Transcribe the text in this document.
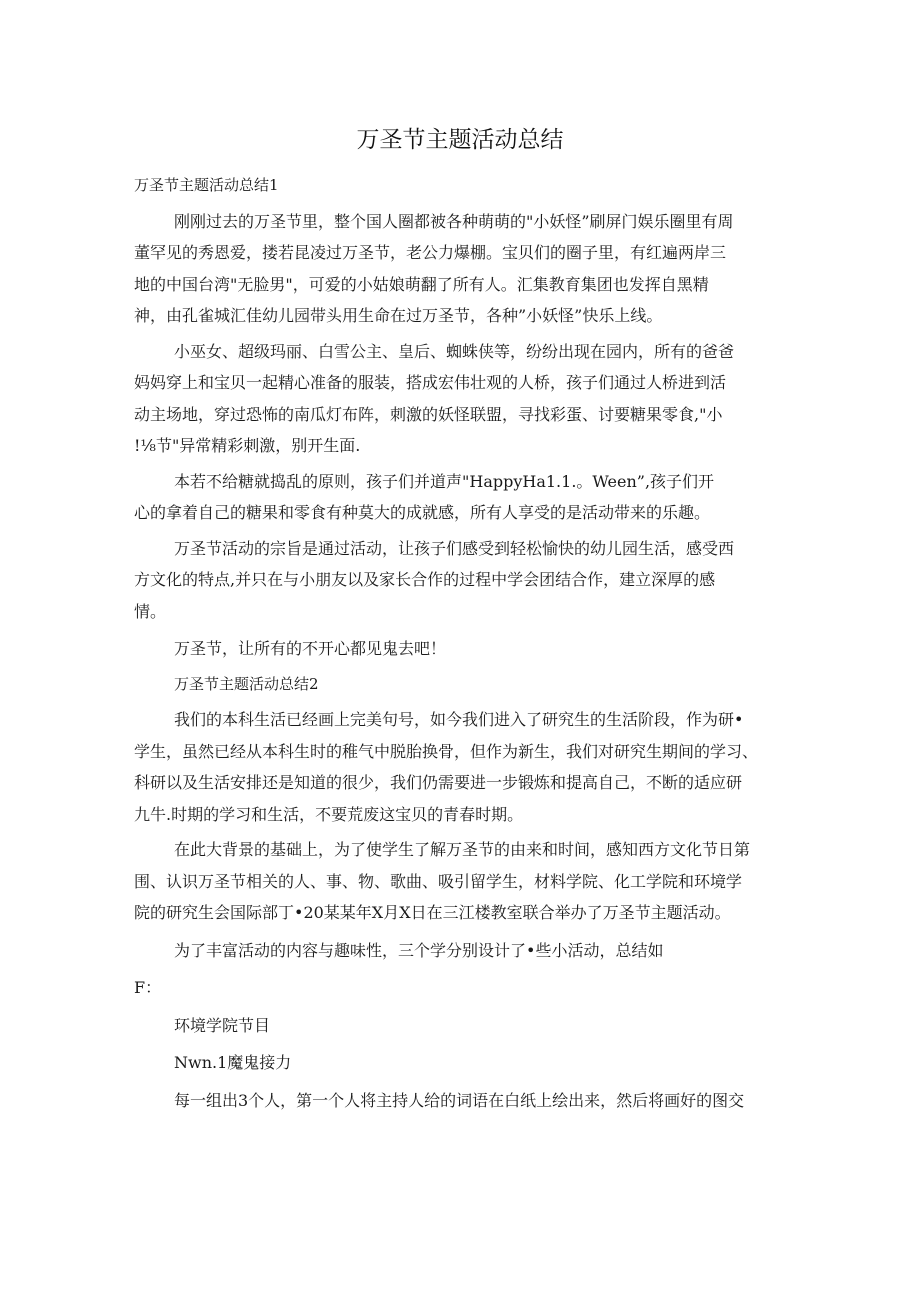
万圣节主题活动总结
万圣节主题活动总结1
刚刚过去的万圣节里，整个国人圈都被各种萌萌的"小妖怪”刷屏门娱乐圈里有周
董罕见的秀恩爱，搂若昆凌过万圣节，老公力爆棚。宝贝们的圈子里，有红遍两岸三
地的中国台湾"无脸男"，可爱的小姑娘萌翻了所有人。汇集教育集团也发挥自黑精
神，由孔雀城汇佳幼儿园带头用生命在过万圣节，各种”小妖怪”快乐上线。
小巫女、超级玛丽、白雪公主、皇后、蜘蛛侠等，纷纷出现在园内，所有的爸爸
妈妈穿上和宝贝一起精心准备的服装，搭成宏伟壮观的人桥，孩子们通过人桥进到活
动主场地，穿过恐怖的南瓜灯布阵，刺激的妖怪联盟，寻找彩蛋、讨要糖果零食,"小
!⅛节"异常精彩刺激，别开生面.
本若不给糖就捣乱的原则，孩子们并道声"HappyHa1.1.。Ween”,孩子们开
心的拿着自己的糖果和零食有种莫大的成就感，所有人享受的是活动带来的乐趣。
万圣节活动的宗旨是通过活动，让孩子们感受到轻松愉快的幼儿园生活，感受西
方文化的特点,并只在与小朋友以及家长合作的过程中学会团结合作，建立深厚的感
情。
万圣节，让所有的不开心都见鬼去吧！
万圣节主题活动总结2
我们的本科生活已经画上完美句号，如今我们进入了研究生的生活阶段，作为研•
学生，虽然已经从本科生时的稚气中脱胎换骨，但作为新生，我们对研究生期间的学习、
科研以及生活安排还是知道的很少，我们仍需要进一步锻炼和提高自己，不断的适应研
九牛.时期的学习和生活，不要荒废这宝贝的青春时期。
在此大背景的基础上，为了使学生了解万圣节的由来和时间，感知西方文化节日第
围、认识万圣节相关的人、事、物、歌曲、吸引留学生，材料学院、化工学院和环境学
院的研究生会国际部丁•20某某年X月X日在三江楼教室联合举办了万圣节主题活动。
为了丰富活动的内容与趣味性，三个学分别设计了•些小活动，总结如
F：
环境学院节目
Nwn.1魔鬼接力
每一组出3个人，第一个人将主持人给的词语在白纸上绘出来，然后将画好的图交
